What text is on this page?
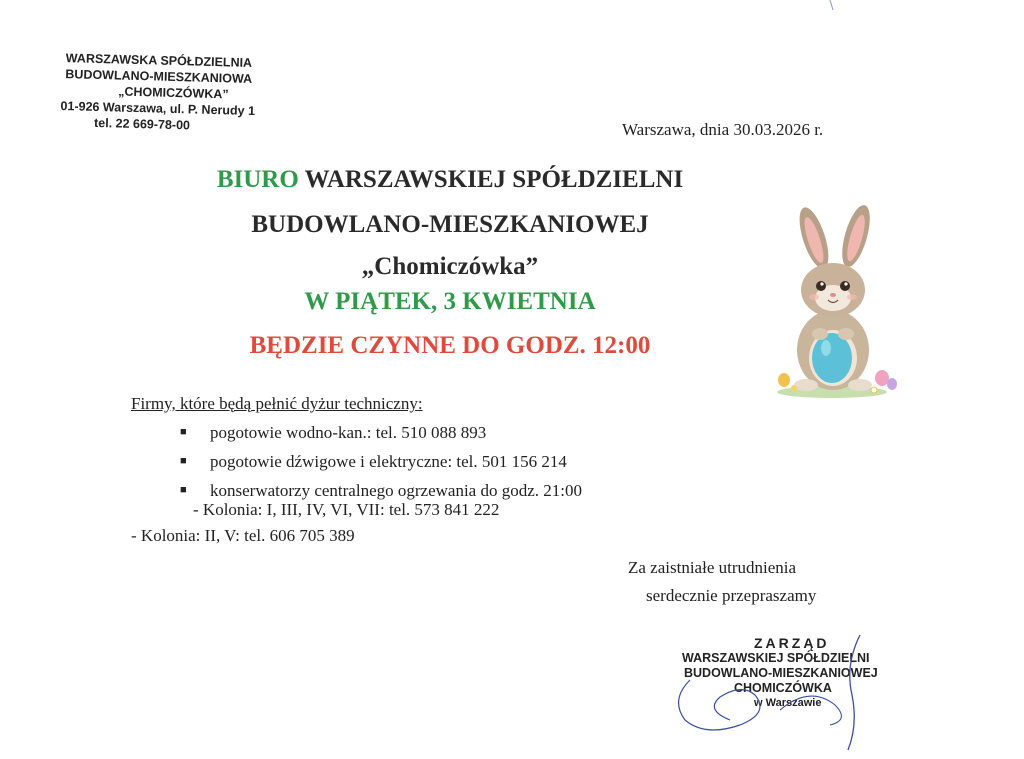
WARSZAWSKA SPÓŁDZIELNIA
BUDOWLANO-MIESZKANIOWA
„CHOMICZÓWKA”
01-926 Warszawa, ul. P. Nerudy 1
tel. 22 669-78-00	Warszawa, dnia 30.03.2026 r.
BIURO WARSZAWSKIEJ SPÓŁDZIELNI
BUDOWLANO-MIESZKANIOWEJ
„Chomiczówka”
W PIĄTEK, 3 KWIETNIA
BĘDZIE CZYNNE DO GODZ. 12:00
Firmy, które będą pełnić dyżur techniczny:
■	pogotowie wodno-kan.: tel. 510 088 893
■	pogotowie dźwigowe i elektryczne: tel. 501 156 214
■	konserwatorzy centralnego ogrzewania do godz. 21:00
- Kolonia: I, III, IV, VI, VII: tel. 573 841 222
- Kolonia: II, V: tel. 606 705 389
Za zaistniałe utrudnienia
serdecznie przepraszamy
ZARZĄD
WARSZAWSKIEJ SPÓŁDZIELNI
BUDOWLANO-MIESZKANIOWEJ
CHOMICZÓWKA
w Warszawie
